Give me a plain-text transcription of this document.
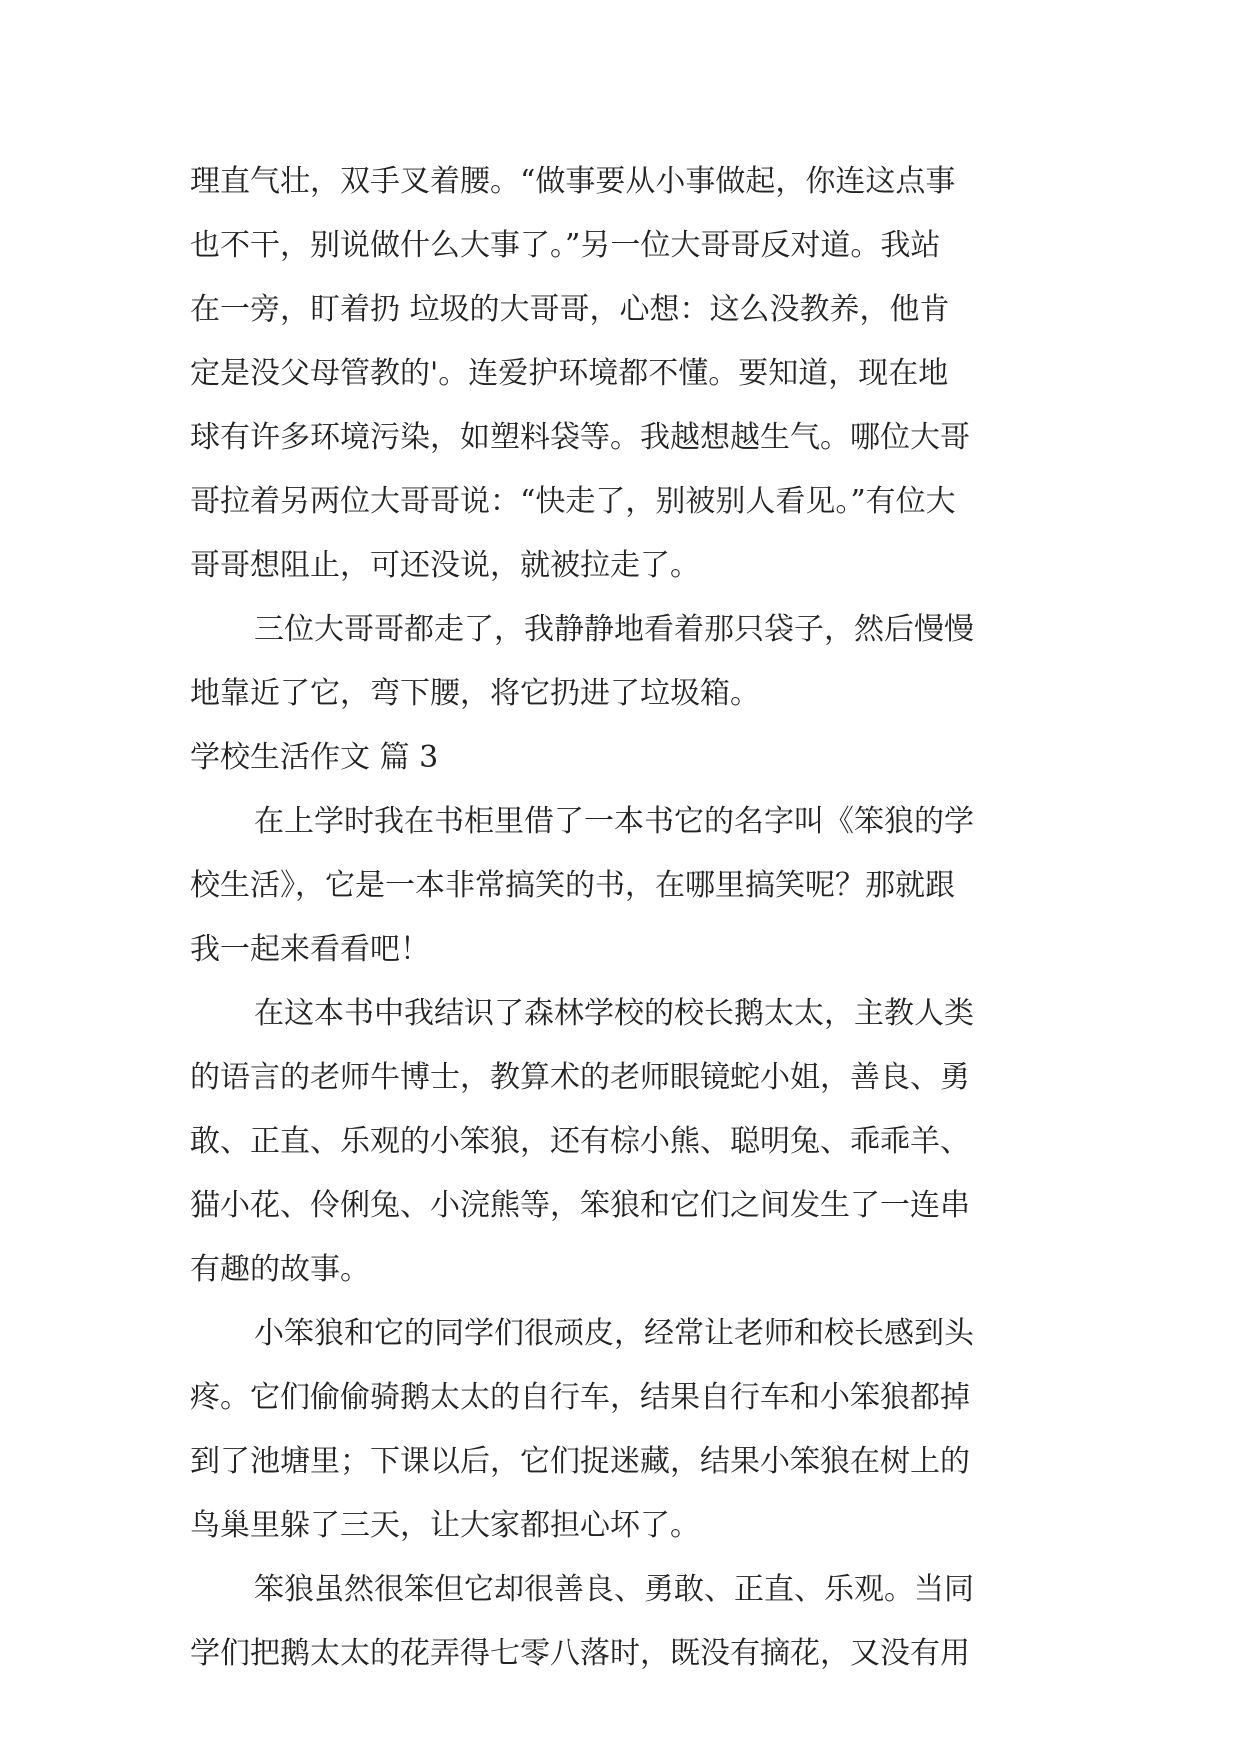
理直气壮，双手叉着腰。“做事要从小事做起，你连这点事
也不干，别说做什么大事了。”另一位大哥哥反对道。我站
在一旁，盯着扔 垃圾的大哥哥，心想：这么没教养，他肯
定是没父母管教的'。连爱护环境都不懂。要知道，现在地
球有许多环境污染，如塑料袋等。我越想越生气。哪位大哥
哥拉着另两位大哥哥说：“快走了，别被别人看见。”有位大
哥哥想阻止，可还没说，就被拉走了。
三位大哥哥都走了，我静静地看着那只袋子，然后慢慢
地靠近了它，弯下腰，将它扔进了垃圾箱。
学校生活作文 篇 3
在上学时我在书柜里借了一本书它的名字叫《笨狼的学
校生活》，它是一本非常搞笑的书，在哪里搞笑呢？那就跟
我一起来看看吧！
在这本书中我结识了森林学校的校长鹅太太，主教人类
的语言的老师牛博士，教算术的老师眼镜蛇小姐，善良、勇
敢、正直、乐观的小笨狼，还有棕小熊、聪明兔、乖乖羊、
猫小花、伶俐兔、小浣熊等，笨狼和它们之间发生了一连串
有趣的故事。
小笨狼和它的同学们很顽皮，经常让老师和校长感到头
疼。它们偷偷骑鹅太太的自行车，结果自行车和小笨狼都掉
到了池塘里；下课以后，它们捉迷藏，结果小笨狼在树上的
鸟巢里躲了三天，让大家都担心坏了。
笨狼虽然很笨但它却很善良、勇敢、正直、乐观。当同
学们把鹅太太的花弄得七零八落时，既没有摘花，又没有用
